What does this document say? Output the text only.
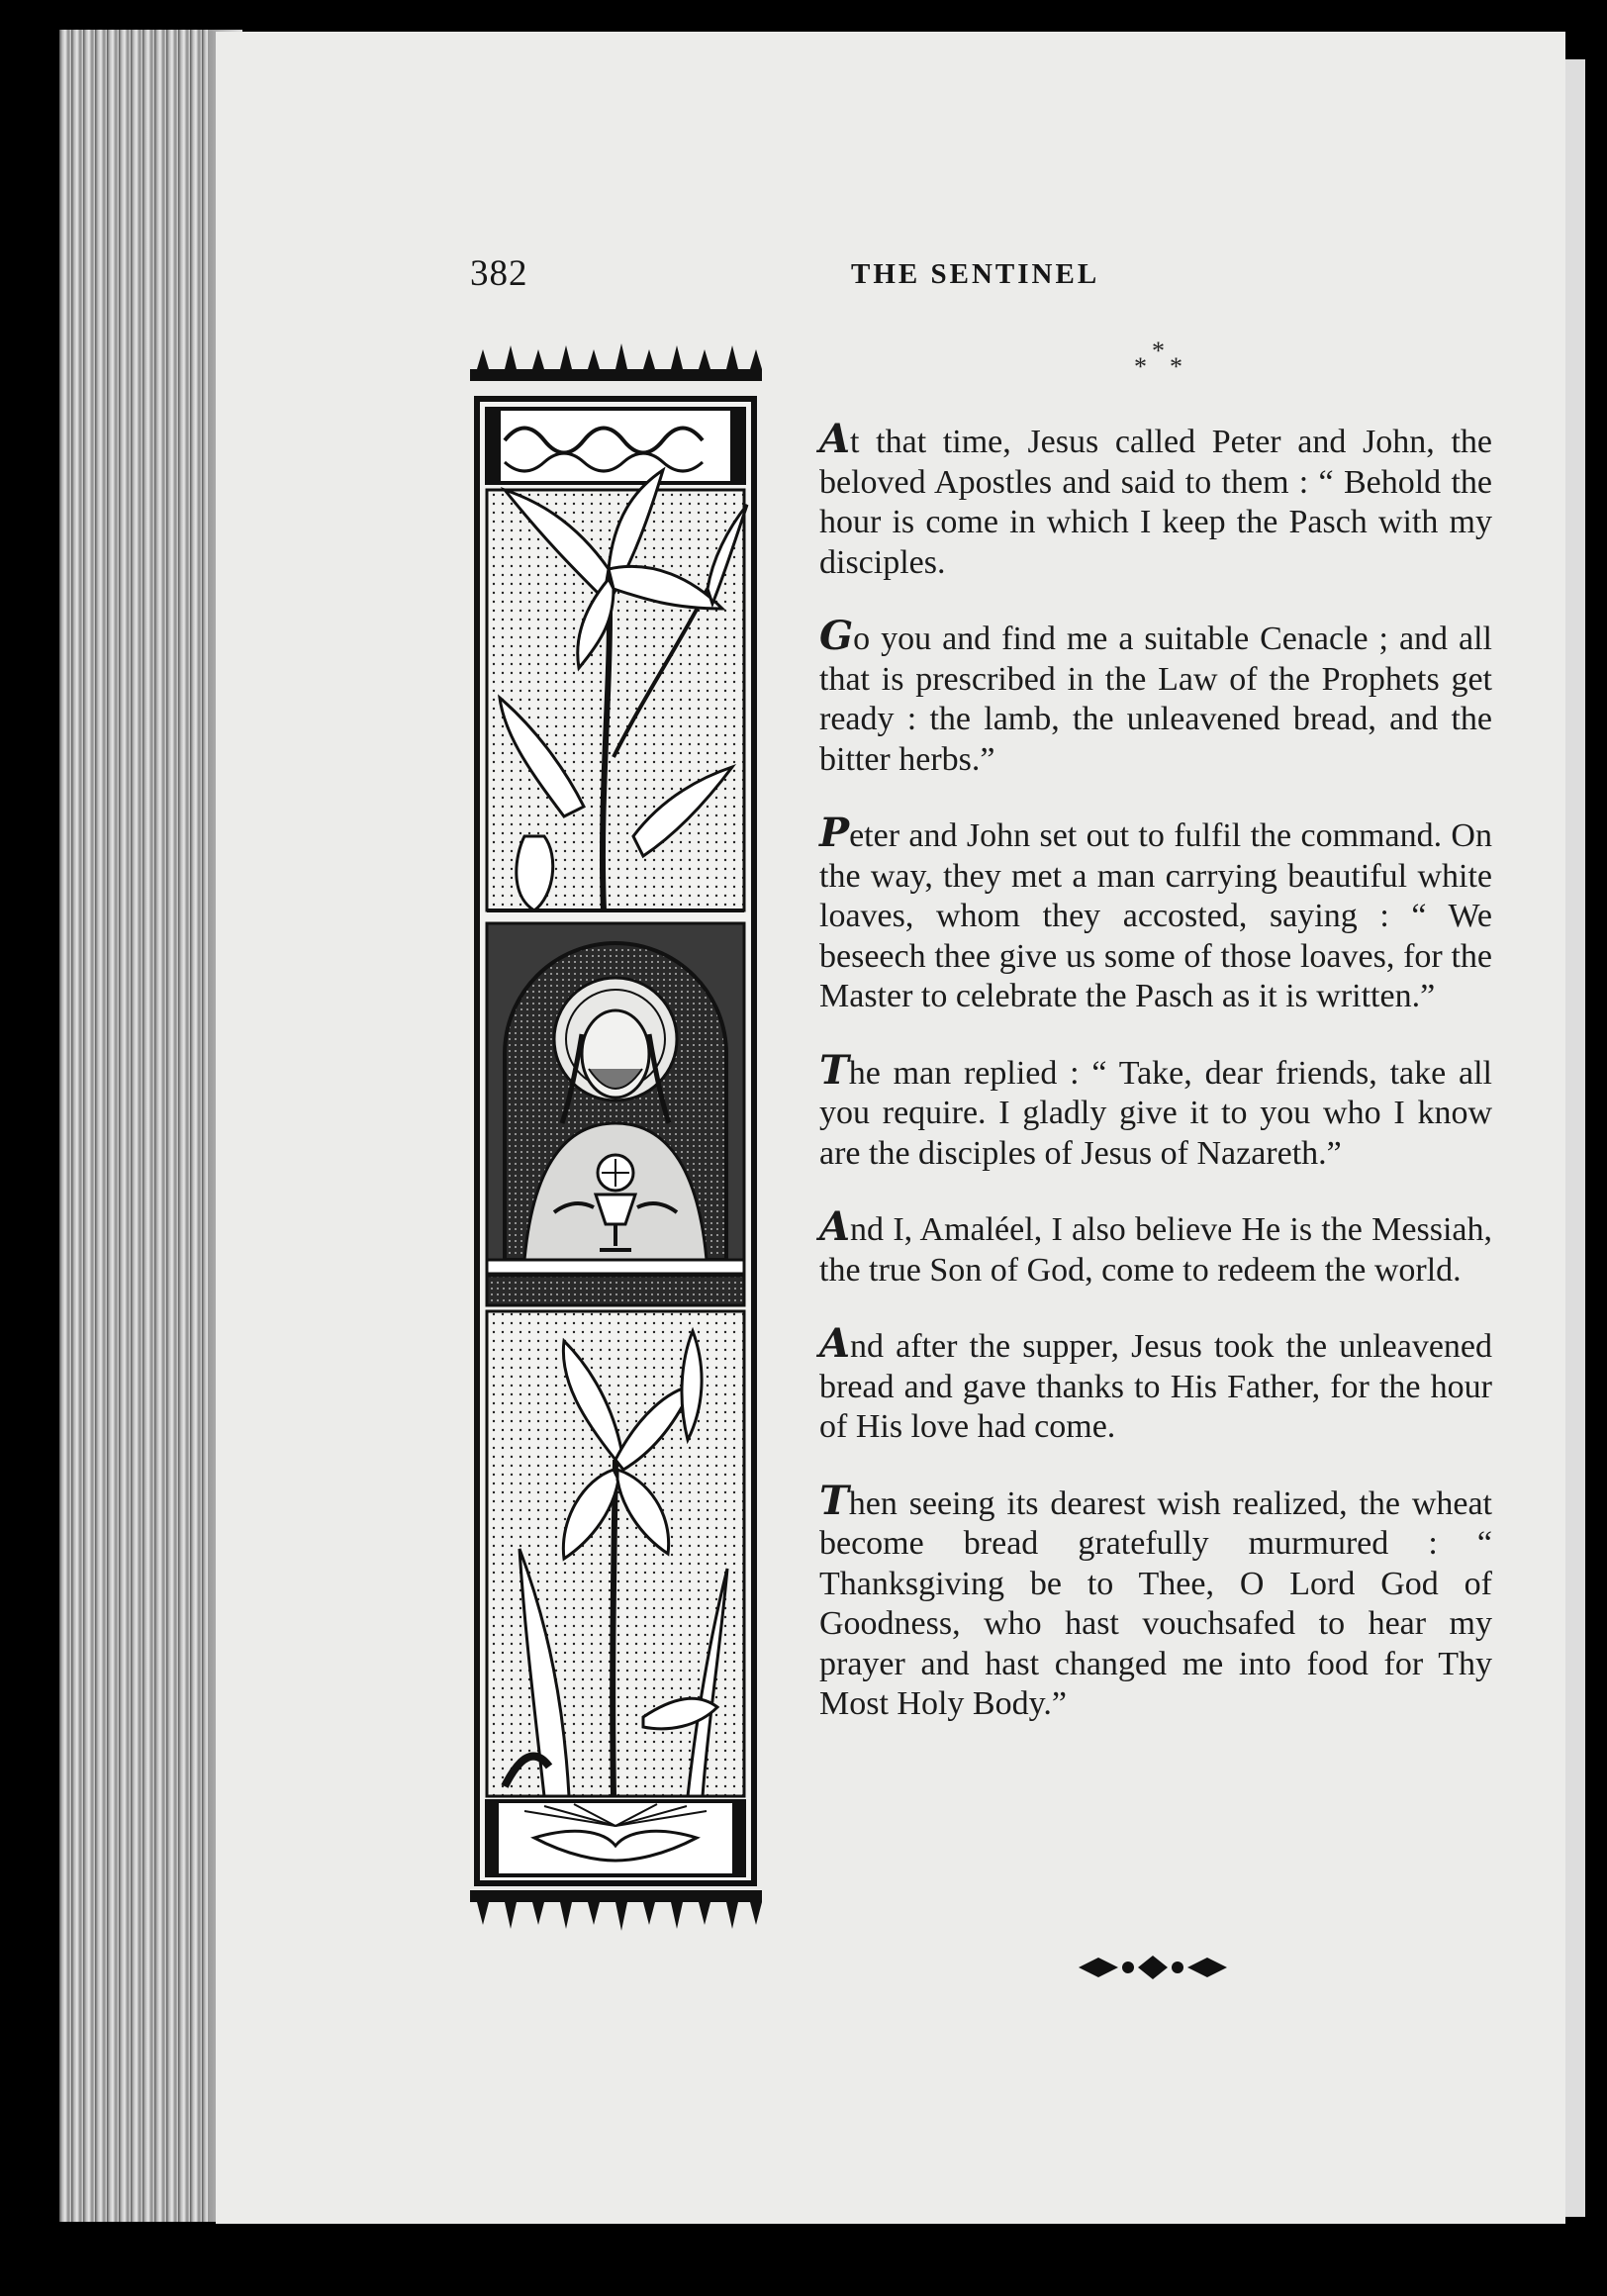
382	THE SENTINEL
*
* *

At that time, Jesus called Peter and John, the beloved Apostles and said to them : “ Behold the hour is come in which I keep the Pasch with my disciples.

Go you and find me a suitable Cenacle ; and all that is prescribed in the Law of the Prophets get ready : the lamb, the unleavened bread, and the bitter herbs.”

Peter and John set out to fulfil the command. On the way, they met a man carrying beautiful white loaves, whom they accosted, saying : “ We beseech thee give us some of those loaves, for the Master to celebrate the Pasch as it is written.”

The man replied : “ Take, dear friends, take all you require. I gladly give it to you who I know are the disciples of Jesus of Nazareth.”

And I, Amaléel, I also believe He is the Messiah, the true Son of God, come to redeem the world.

And after the supper, Jesus took the unleavened bread and gave thanks to His Father, for the hour of His love had come.

Then seeing its dearest wish realized, the wheat become bread gratefully murmured : “ Thanksgiving be to Thee, O Lord God of Goodness, who hast vouchsafed to hear my prayer and hast changed me into food for Thy Most Holy Body.”
